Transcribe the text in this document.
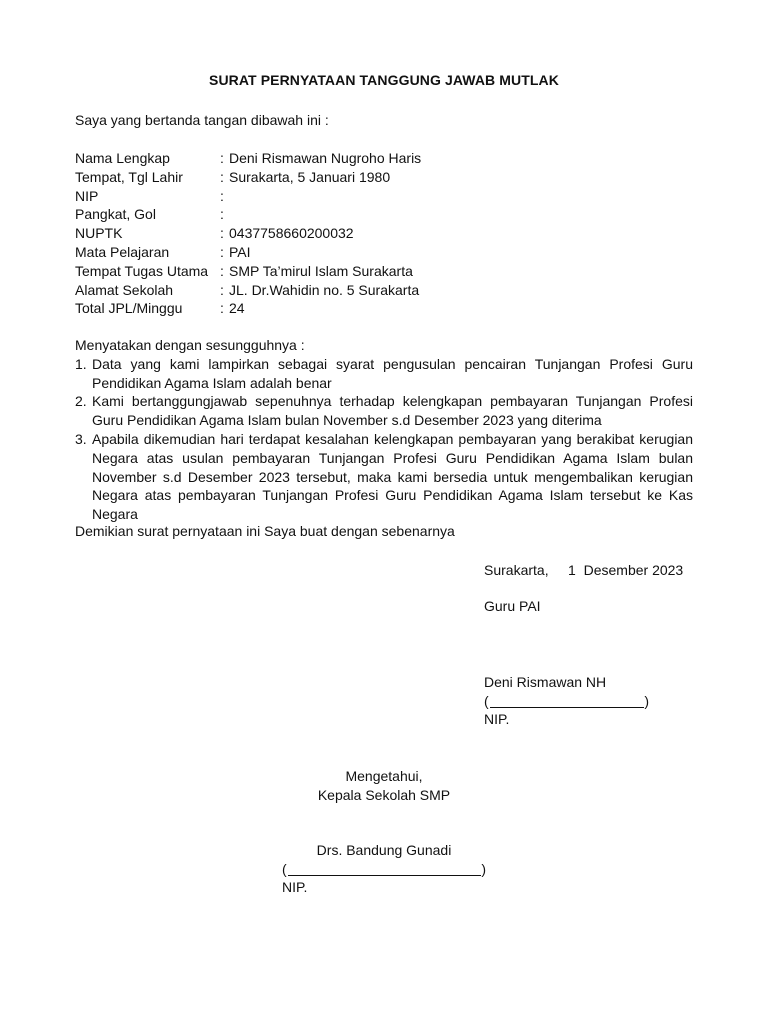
SURAT PERNYATAAN TANGGUNG JAWAB MUTLAK
Saya yang bertanda tangan dibawah ini :
Nama Lengkap	: Deni Rismawan Nugroho Haris
Tempat, Tgl Lahir	: Surakarta, 5 Januari 1980
NIP	:
Pangkat, Gol	:
NUPTK	: 0437758660200032
Mata Pelajaran	: PAI
Tempat Tugas Utama : SMP Ta’mirul Islam Surakarta
Alamat Sekolah	: JL. Dr.Wahidin no. 5 Surakarta
Total JPL/Minggu	: 24
Menyatakan dengan sesungguhnya :
1. Data yang kami lampirkan sebagai syarat pengusulan pencairan Tunjangan Profesi Guru Pendidikan Agama Islam adalah benar
2. Kami bertanggungjawab sepenuhnya terhadap kelengkapan pembayaran Tunjangan Profesi Guru Pendidikan Agama Islam bulan November s.d Desember 2023 yang diterima
3. Apabila dikemudian hari terdapat kesalahan kelengkapan pembayaran yang berakibat kerugian Negara atas usulan pembayaran Tunjangan Profesi Guru Pendidikan Agama Islam bulan November s.d Desember 2023 tersebut, maka kami bersedia untuk mengembalikan kerugian Negara atas pembayaran Tunjangan Profesi Guru Pendidikan Agama Islam tersebut ke Kas Negara
Demikian surat pernyataan ini Saya buat dengan sebenarnya
Surakarta,     1  Desember 2023
Guru PAI
Deni Rismawan NH
(	)
NIP.
Mengetahui,
Kepala Sekolah SMP
Drs. Bandung Gunadi
(	)
NIP.
